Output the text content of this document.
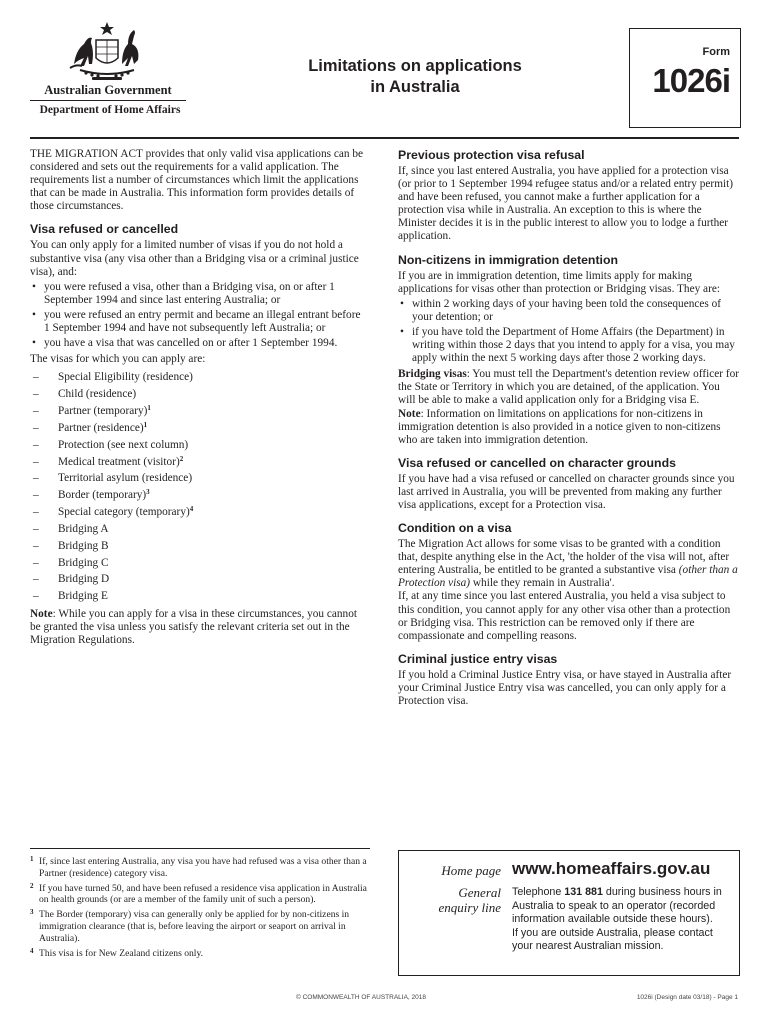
Australian Government
Department of Home Affairs
Limitations on applications
in Australia
Form
1026i

THE MIGRATION ACT provides that only valid visa applications can be considered and sets out the requirements for a valid application. The requirements list a number of circumstances which limit the applications that can be made in Australia. This information form provides details of those circumstances.

Visa refused or cancelled

You can only apply for a limited number of visas if you do not hold a substantive visa (any visa other than a Bridging visa or a criminal justice visa), and:

• you were refused a visa, other than a Bridging visa, on or after 1 September 1994 and since last entering Australia; or
• you were refused an entry permit and became an illegal entrant before 1 September 1994 and have not subsequently left Australia; or
• you have a visa that was cancelled on or after 1 September 1994.

The visas for which you can apply are:

– Special Eligibility (residence)
– Child (residence)
– Partner (temporary)$^1$
– Partner (residence)$^1$
– Protection (see next column)
– Medical treatment (visitor)$^2$
– Territorial asylum (residence)
– Border (temporary)$^3$
– Special category (temporary)$^4$
– Bridging A
– Bridging B
– Bridging C
– Bridging D
– Bridging E

Note: While you can apply for a visa in these circumstances, you cannot be granted the visa unless you satisfy the relevant criteria set out in the Migration Regulations.

Previous protection visa refusal

If, since you last entered Australia, you have applied for a protection visa (or prior to 1 September 1994 refugee status and/or a related entry permit) and have been refused, you cannot make a further application for a protection visa while in Australia. An exception to this is where the Minister decides it is in the public interest to allow you to lodge a further application.

Non-citizens in immigration detention

If you are in immigration detention, time limits apply for making applications for visas other than protection or Bridging visas. They are:

• within 2 working days of your having been told the consequences of your detention; or
• if you have told the Department of Home Affairs (the Department) in writing within those 2 days that you intend to apply for a visa, you may apply within the next 5 working days after those 2 working days.

Bridging visas: You must tell the Department's detention review officer for the State or Territory in which you are detained, of the application. You will be able to make a valid application only for a Bridging visa E.

Note: Information on limitations on applications for non-citizens in immigration detention is also provided in a notice given to non-citizens who are taken into immigration detention.

Visa refused or cancelled on character grounds

If you have had a visa refused or cancelled on character grounds since you last arrived in Australia, you will be prevented from making any further visa applications, except for a Protection visa.

Condition on a visa

The Migration Act allows for some visas to be granted with a condition that, despite anything else in the Act, 'the holder of the visa will not, after entering Australia, be entitled to be granted a substantive visa (other than a Protection visa) while they remain in Australia'.

If, at any time since you last entered Australia, you held a visa subject to this condition, you cannot apply for any other visa other than a protection or Bridging visa. This restriction can be removed only if there are compassionate and compelling reasons.

Criminal justice entry visas

If you hold a Criminal Justice Entry visa, or have stayed in Australia after your Criminal Justice Entry visa was cancelled, you can only apply for a Protection visa.

1 If, since last entering Australia, any visa you have had refused was a visa other than a Partner (residence) category visa.
2 If you have turned 50, and have been refused a residence visa application in Australia on health grounds (or are a member of the family unit of such a person).
3 The Border (temporary) visa can generally only be applied for by non-citizens in immigration clearance (that is, before leaving the airport or seaport on arrival in Australia).
4 This visa is for New Zealand citizens only.
Home page www.homeaffairs.gov.au
General
enquiry line
Telephone 131 881 during business hours in Australia to speak to an operator (recorded information available outside these hours).
If you are outside Australia, please contact your nearest Australian mission.
© COMMONWEALTH OF AUSTRALIA, 2018	1026i (Design date 03/18) - Page 1
